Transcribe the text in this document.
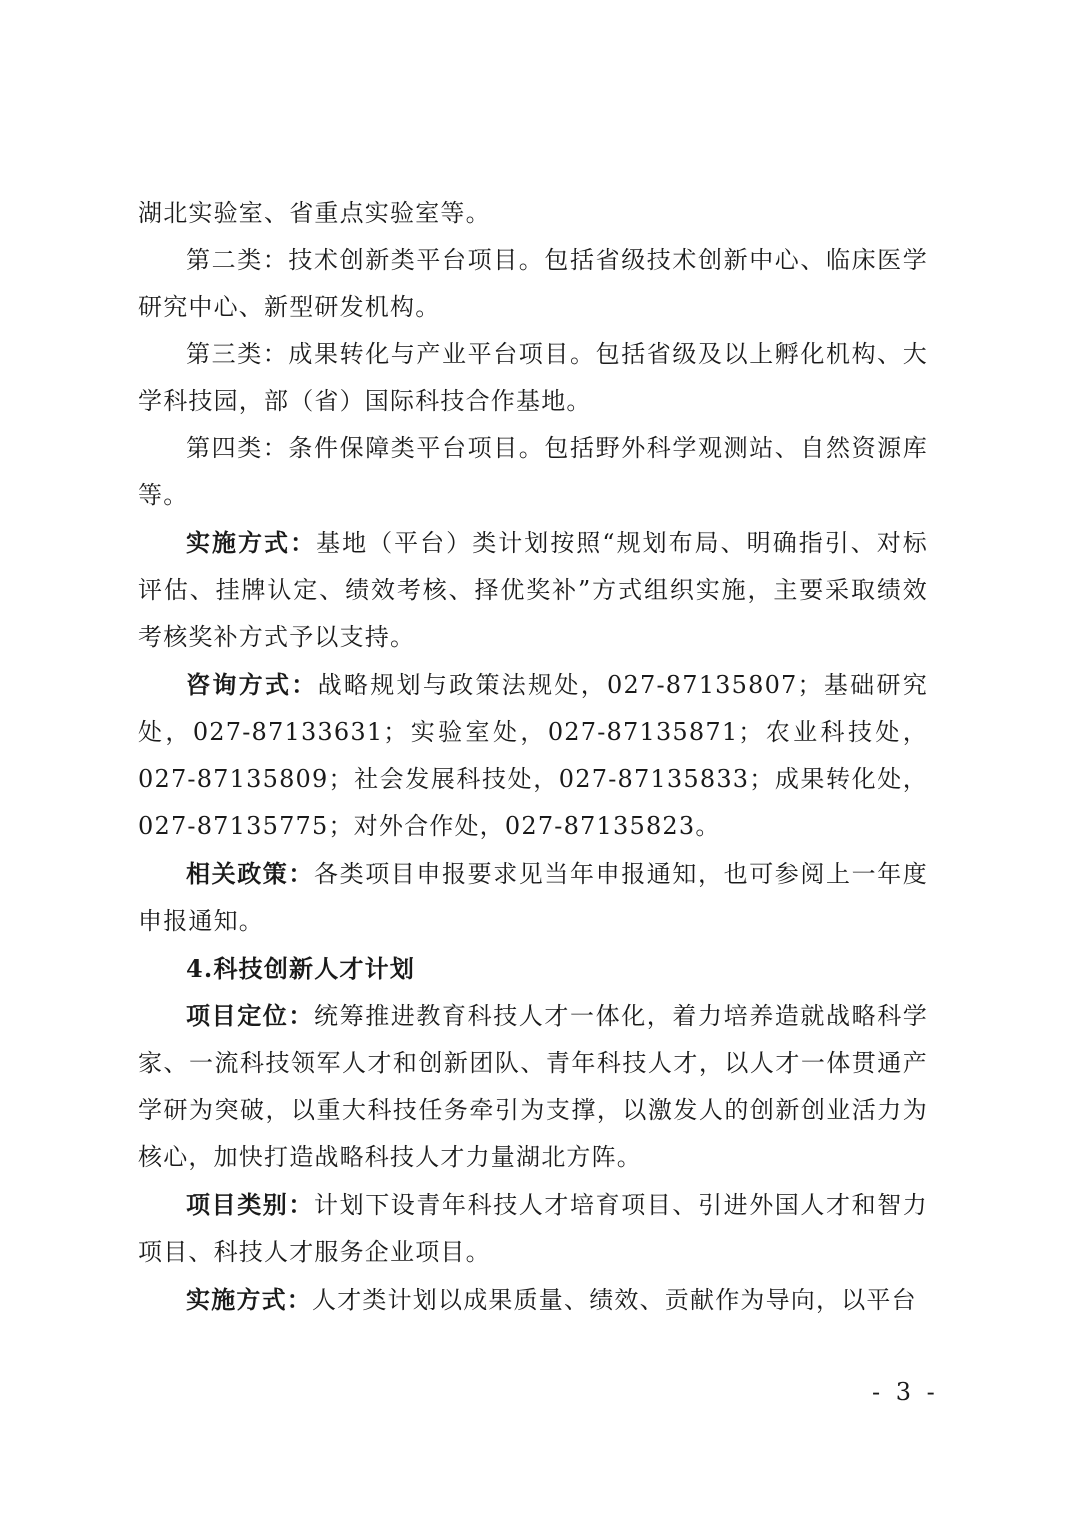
湖北实验室、省重点实验室等。

第二类：技术创新类平台项目。包括省级技术创新中心、临床医学研究中心、新型研发机构。

第三类：成果转化与产业平台项目。包括省级及以上孵化机构、大学科技园，部（省）国际科技合作基地。

第四类：条件保障类平台项目。包括野外科学观测站、自然资源库等。

实施方式：基地（平台）类计划按照“规划布局、明确指引、对标评估、挂牌认定、绩效考核、择优奖补”方式组织实施，主要采取绩效考核奖补方式予以支持。

咨询方式：战略规划与政策法规处，027-87135807；基础研究处，027-87133631；实验室处，027-87135871；农业科技处，027-87135809；社会发展科技处，027-87135833；成果转化处，027-87135775；对外合作处，027-87135823。

相关政策：各类项目申报要求见当年申报通知，也可参阅上一年度申报通知。

4.科技创新人才计划

项目定位：统筹推进教育科技人才一体化，着力培养造就战略科学家、一流科技领军人才和创新团队、青年科技人才，以人才一体贯通产学研为突破，以重大科技任务牵引为支撑，以激发人的创新创业活力为核心，加快打造战略科技人才力量湖北方阵。

项目类别：计划下设青年科技人才培育项目、引进外国人才和智力项目、科技人才服务企业项目。

实施方式：人才类计划以成果质量、绩效、贡献作为导向，以平台

- 3 -
